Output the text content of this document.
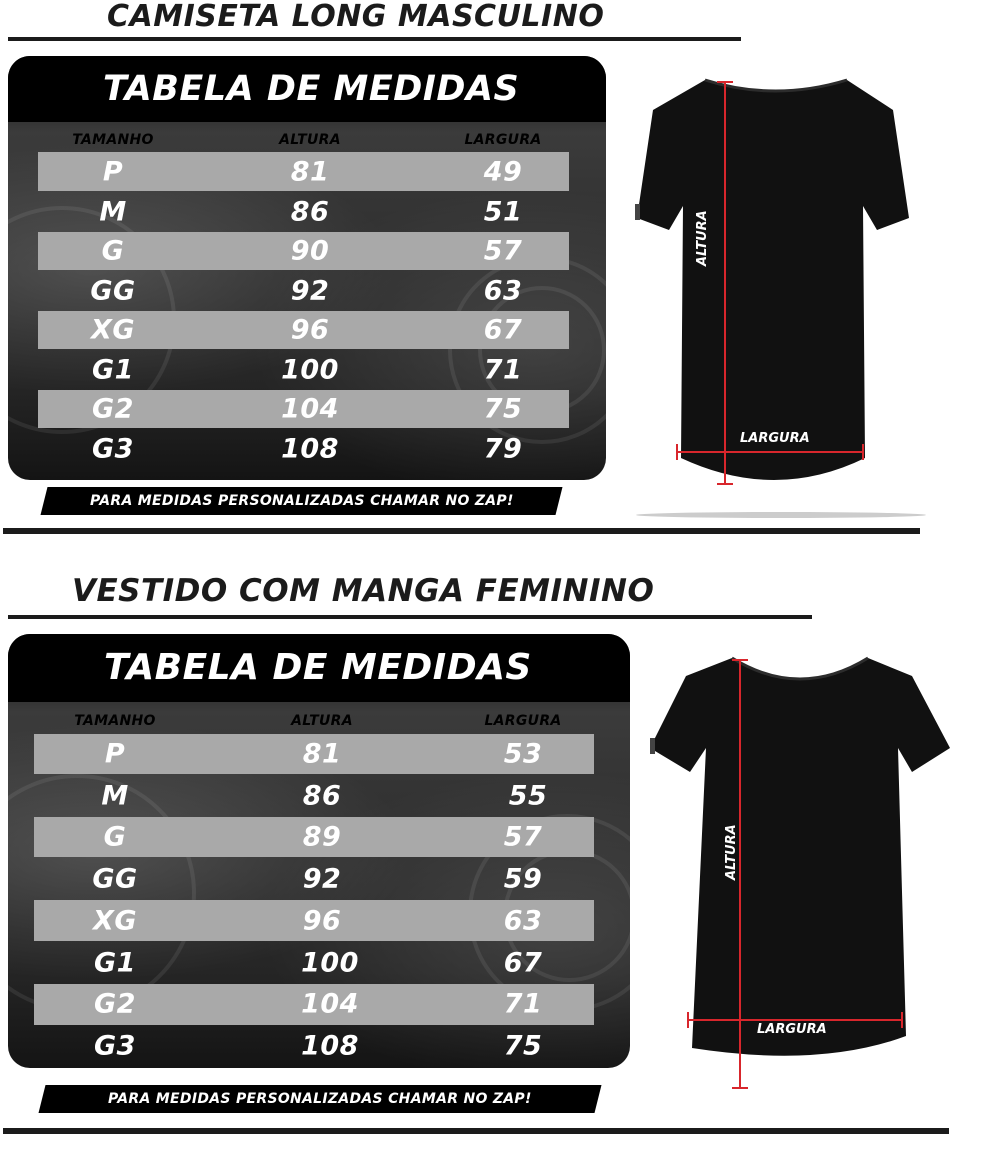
CAMISETA LONG MASCULINO
TABELA DE MEDIDAS
TAMANHO	ALTURA	LARGURA
P	81	49
M	86	51
G	90	57
GG	92	63
XG	96	67
G1	100	71
G2	104	75
G3	108	79
PARA MEDIDAS PERSONALIZADAS CHAMAR NO ZAP!
ALTURA
LARGURA
VESTIDO COM MANGA FEMININO
TABELA DE MEDIDAS
TAMANHO	ALTURA	LARGURA
P	81	53
M	86	55
G	89	57
GG	92	59
XG	96	63
G1	100	67
G2	104	71
G3	108	75
PARA MEDIDAS PERSONALIZADAS CHAMAR NO ZAP!
ALTURA
LARGURA
